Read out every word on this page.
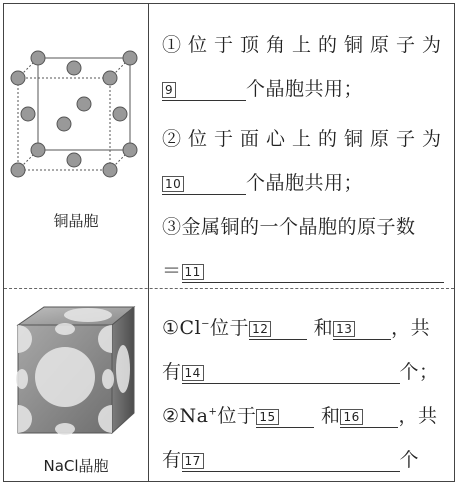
铜晶胞
①位于顶角上的铜原子为
9	个晶胞共用；
②位于面心上的铜原子为
10	个晶胞共用；
③金属铜的一个晶胞的原子数
＝ 11
NaCl晶胞
①Cl−位于 12 和 13 ，共
有 14	个；
②Na+位于 15 和 16 ，共
有 17	个
